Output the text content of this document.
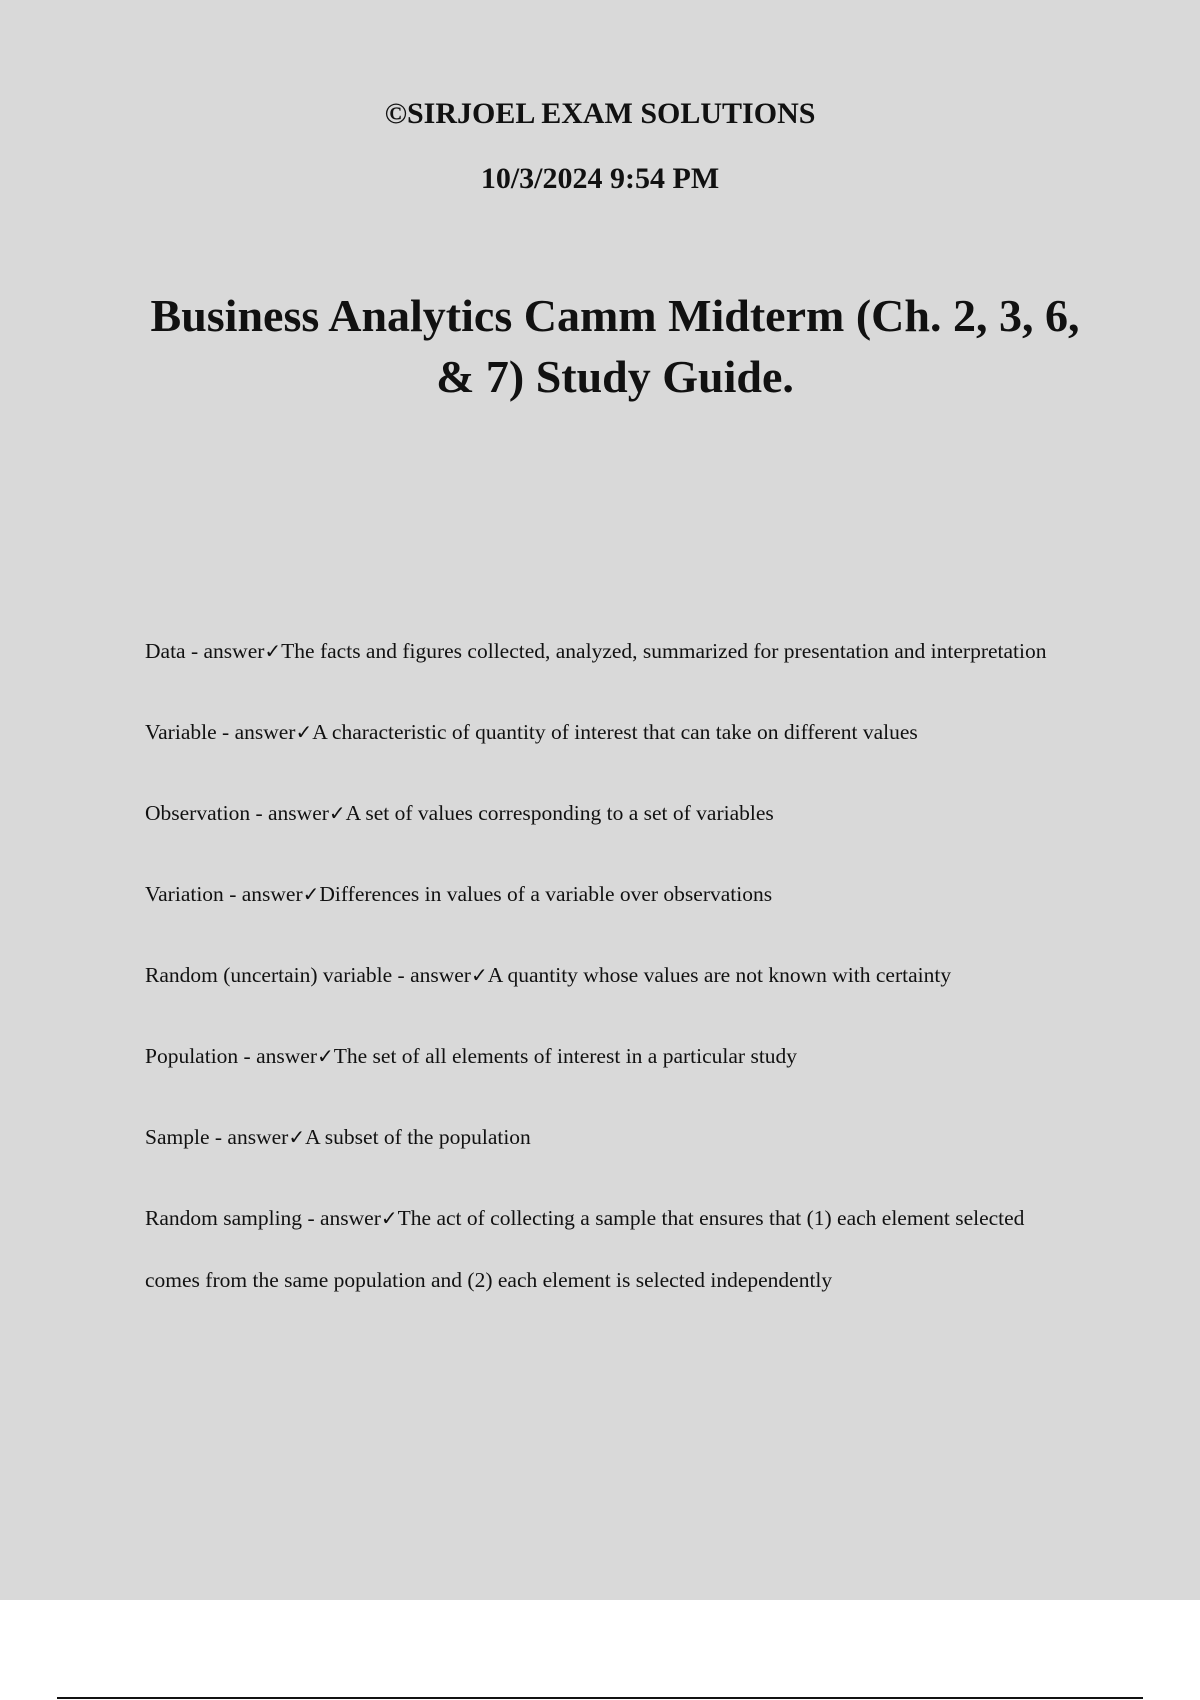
©SIRJOEL EXAM SOLUTIONS
10/3/2024 9:54 PM
Business Analytics Camm Midterm (Ch. 2, 3, 6, & 7) Study Guide.
Data - answer✓The facts and figures collected, analyzed, summarized for presentation and interpretation
Variable - answer✓A characteristic of quantity of interest that can take on different values
Observation - answer✓A set of values corresponding to a set of variables
Variation - answer✓Differences in values of a variable over observations
Random (uncertain) variable - answer✓A quantity whose values are not known with certainty
Population - answer✓The set of all elements of interest in a particular study
Sample - answer✓A subset of the population
Random sampling - answer✓The act of collecting a sample that ensures that (1) each element selected comes from the same population and (2) each element is selected independently
